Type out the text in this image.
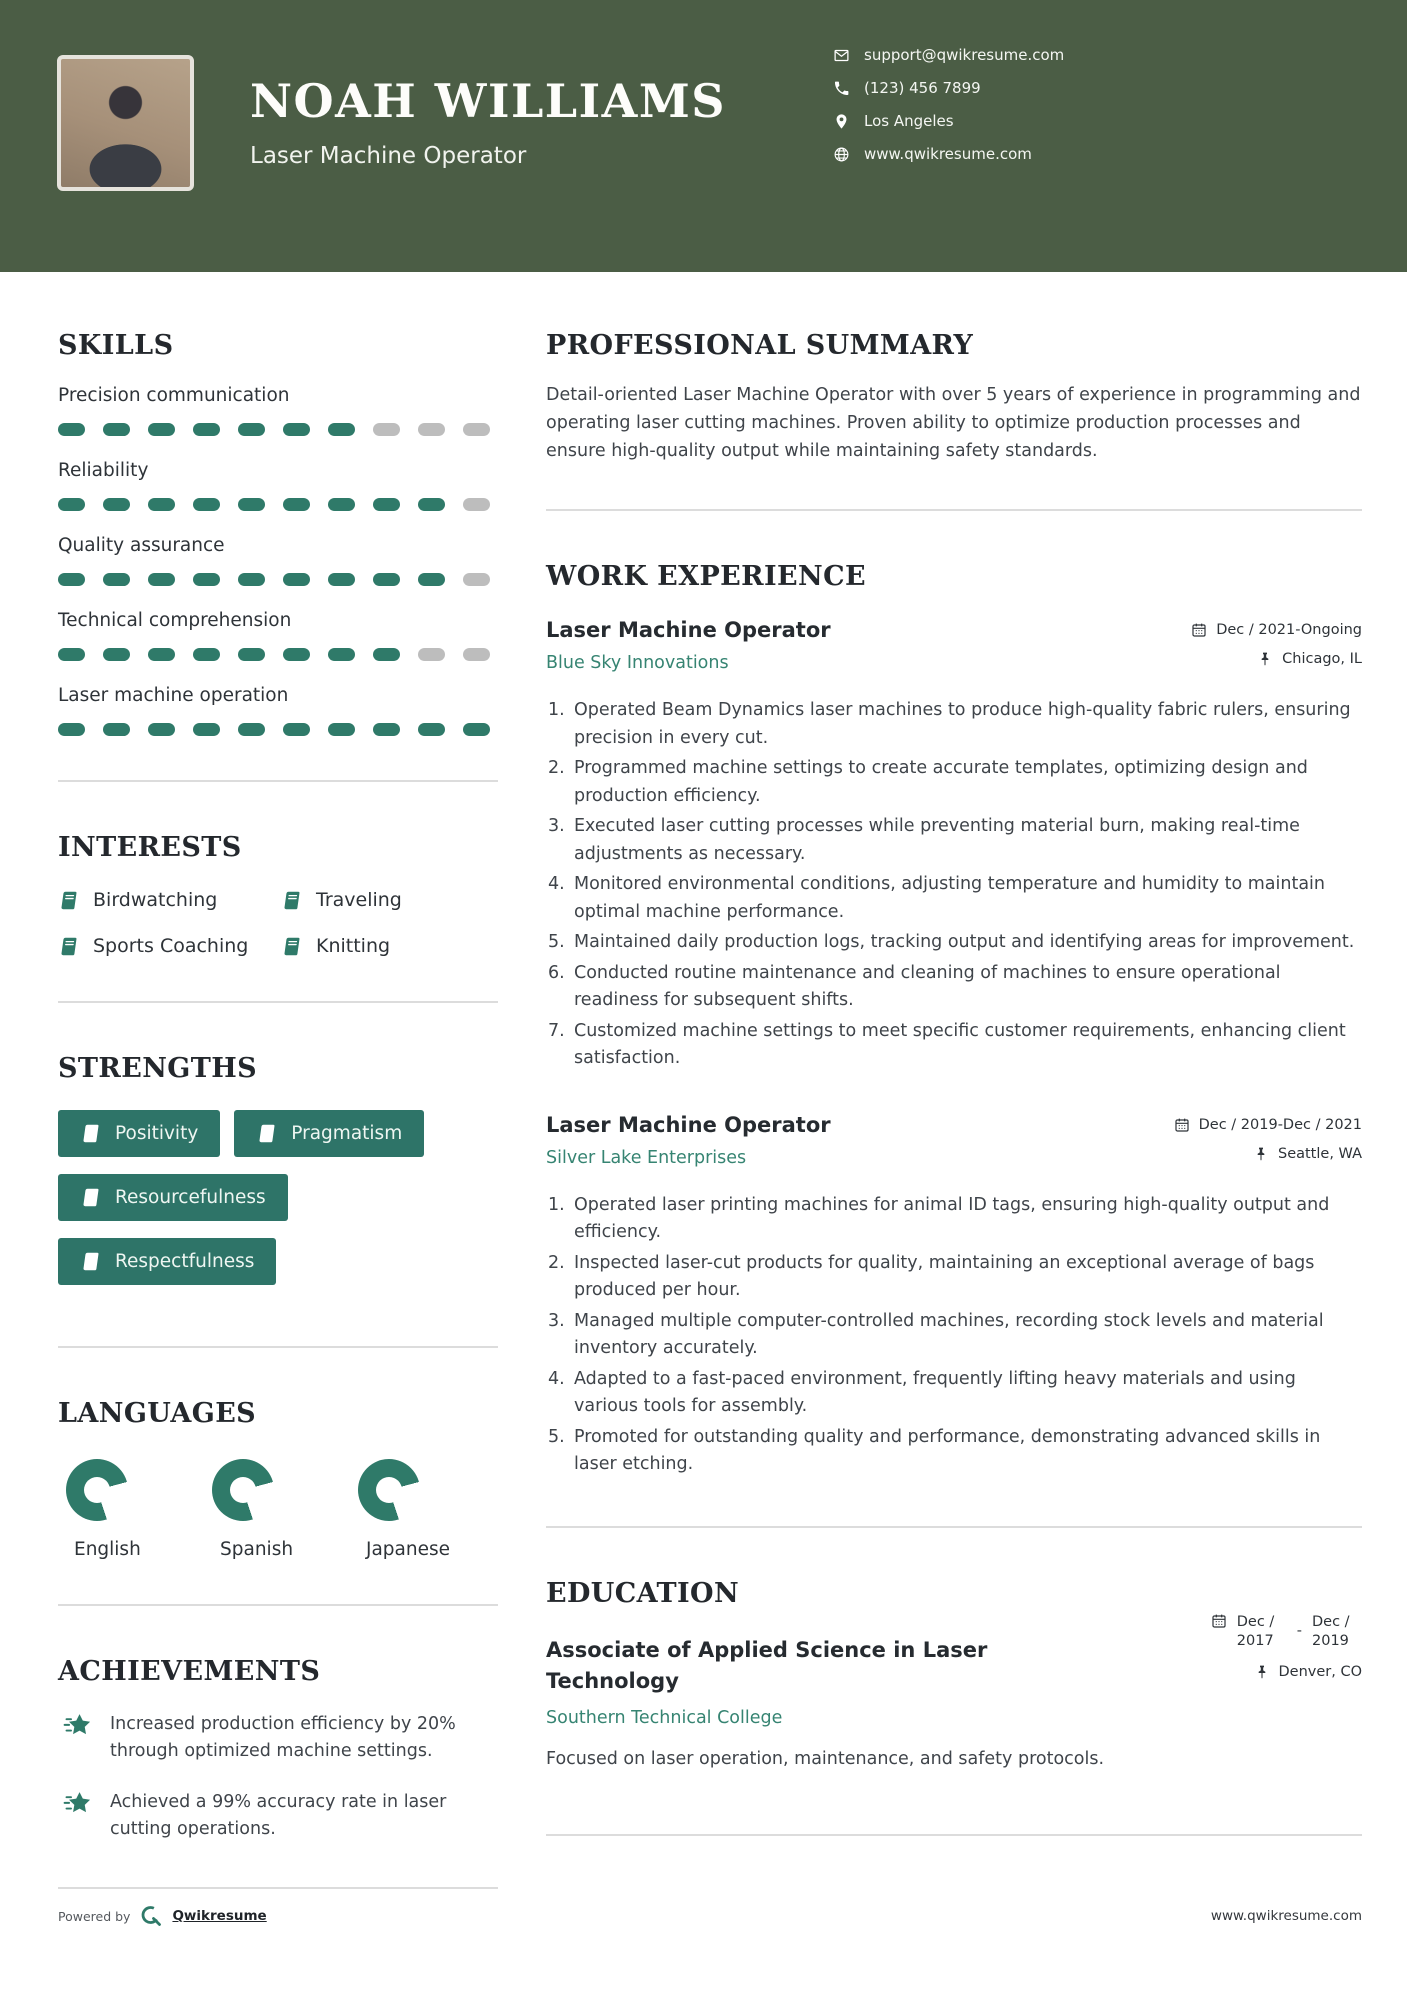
NOAH WILLIAMS
Laser Machine Operator
support@qwikresume.com
(123) 456 7899
Los Angeles
www.qwikresume.com
SKILLS
Precision communication
Reliability
Quality assurance
Technical comprehension
Laser machine operation
INTERESTS
Birdwatching	Traveling
Sports Coaching	Knitting
STRENGTHS
Positivity	Pragmatism
Resourcefulness
Respectfulness
LANGUAGES
English	Spanish	Japanese
ACHIEVEMENTS
Increased production efficiency by 20% through optimized machine settings.
Achieved a 99% accuracy rate in laser cutting operations.
PROFESSIONAL SUMMARY

Detail-oriented Laser Machine Operator with over 5 years of experience in programming and operating laser cutting machines. Proven ability to optimize production processes and ensure high-quality output while maintaining safety standards.

WORK EXPERIENCE
Laser Machine Operator
Blue Sky Innovations
Dec / 2021-Ongoing
Chicago, IL
Operated Beam Dynamics laser machines to produce high-quality fabric rulers, ensuring precision in every cut.
Programmed machine settings to create accurate templates, optimizing design and production efficiency.
Executed laser cutting processes while preventing material burn, making real-time adjustments as necessary.
Monitored environmental conditions, adjusting temperature and humidity to maintain optimal machine performance.
Maintained daily production logs, tracking output and identifying areas for improvement.
Conducted routine maintenance and cleaning of machines to ensure operational readiness for subsequent shifts.
Customized machine settings to meet specific customer requirements, enhancing client satisfaction.
Laser Machine Operator
Silver Lake Enterprises
Dec / 2019-Dec / 2021
Seattle, WA
Operated laser printing machines for animal ID tags, ensuring high-quality output and efficiency.
Inspected laser-cut products for quality, maintaining an exceptional average of bags produced per hour.
Managed multiple computer-controlled machines, recording stock levels and material inventory accurately.
Adapted to a fast-paced environment, frequently lifting heavy materials and using various tools for assembly.
Promoted for outstanding quality and performance, demonstrating advanced skills in laser etching.
EDUCATION
Associate of Applied Science in Laser Technology
Dec / 2017
-
Dec / 2019
Denver, CO
Southern Technical College

Focused on laser operation, maintenance, and safety protocols.

Powered by	Qwikresume	www.qwikresume.com
